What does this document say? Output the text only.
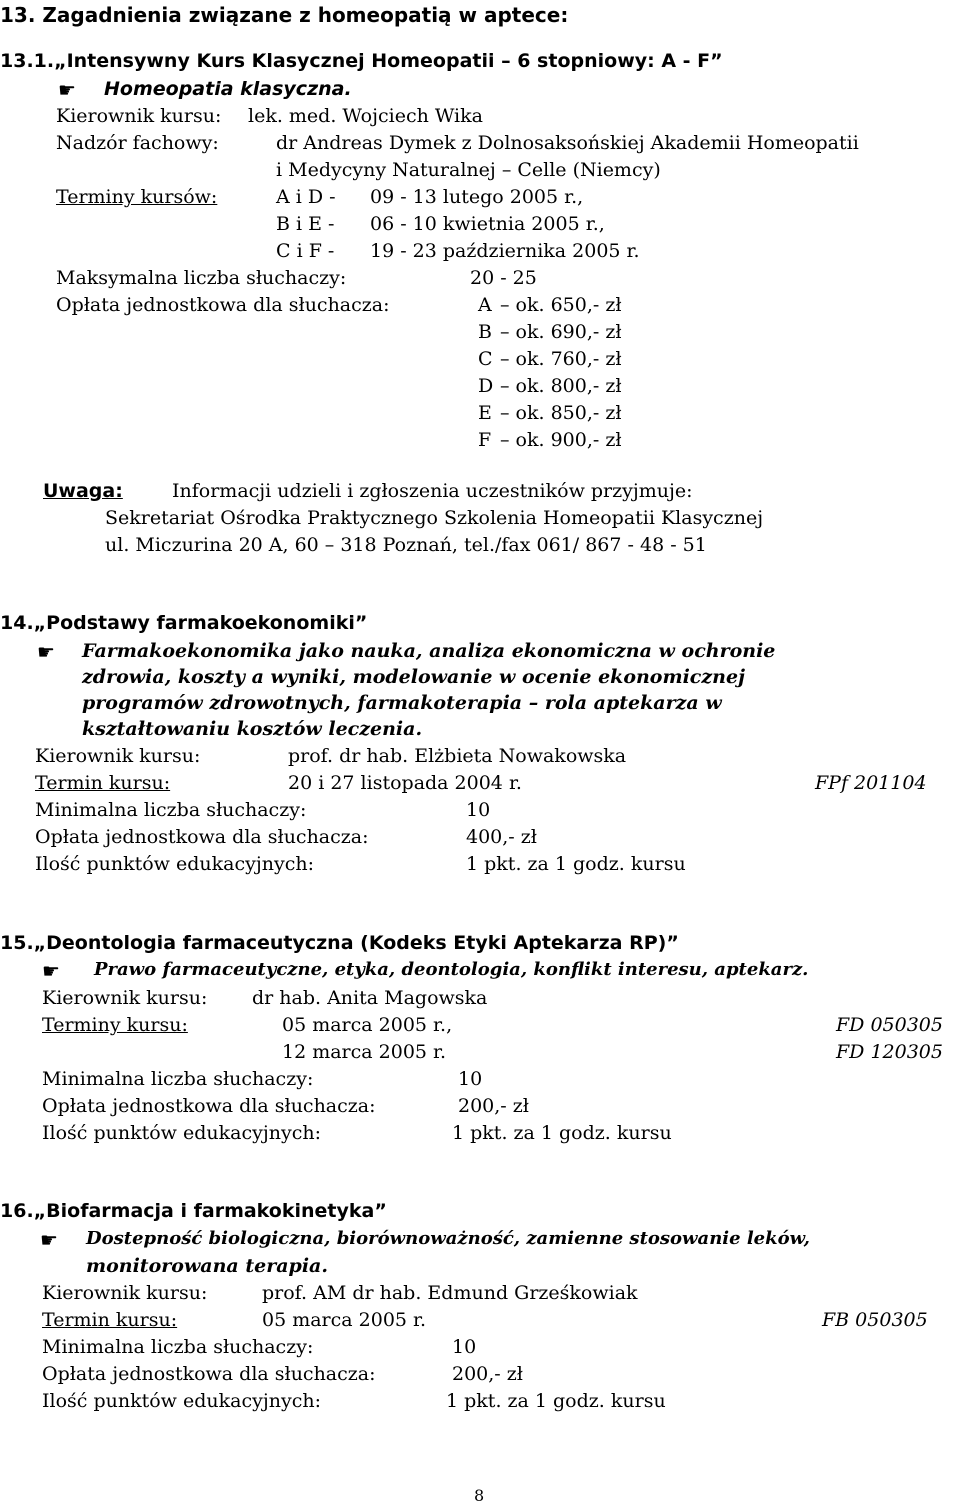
13. Zagadnienia związane z homeopatią w aptece:
13.1.„Intensywny Kurs Klasycznej Homeopatii – 6 stopniowy: A - F”
☛ Homeopatia klasyczna.
Kierownik kursu: lek. med. Wojciech Wika
Nadzór fachowy:	dr Andreas Dymek z Dolnosaksońskiej Akademii Homeopatii
i Medycyny Naturalnej – Celle (Niemcy)
Terminy kursów:	A i D - 09 - 13 lutego 2005 r.,
B i E - 06 - 10 kwietnia 2005 r.,
C i F - 19 - 23 października 2005 r.
Maksymalna liczba słuchaczy:	20 - 25
Opłata jednostkowa dla słuchacza:	A – ok. 650,- zł
B – ok. 690,- zł
C – ok. 760,- zł
D – ok. 800,- zł
E – ok. 850,- zł
F – ok. 900,- zł
Uwaga:	Informacji udzieli i zgłoszenia uczestników przyjmuje:
Sekretariat Ośrodka Praktycznego Szkolenia Homeopatii Klasycznej
ul. Miczurina 20 A, 60 – 318 Poznań, tel./fax 061/ 867 - 48 - 51
14.„Podstawy farmakoekonomiki”
☛ Farmakoekonomika jako nauka, analiza ekonomiczna w ochronie
zdrowia, koszty a wyniki, modelowanie w ocenie ekonomicznej
programów zdrowotnych, farmakoterapia – rola aptekarza w
kształtowaniu kosztów leczenia.
Kierownik kursu:	prof. dr hab. Elżbieta Nowakowska
Termin kursu:	20 i 27 listopada 2004 r.	FPf 201104
Minimalna liczba słuchaczy:	10
Opłata jednostkowa dla słuchacza:	400,- zł
Ilość punktów edukacyjnych:	1 pkt. za 1 godz. kursu
15.„Deontologia farmaceutyczna (Kodeks Etyki Aptekarza RP)”
☛ Prawo farmaceutyczne, etyka, deontologia, konflikt interesu, aptekarz.
Kierownik kursu: dr hab. Anita Magowska
Terminy kursu:	05 marca 2005 r.,	FD 050305
12 marca 2005 r.	FD 120305
Minimalna liczba słuchaczy:	10
Opłata jednostkowa dla słuchacza:	200,- zł
Ilość punktów edukacyjnych:	1 pkt. za 1 godz. kursu
16.„Biofarmacja i farmakokinetyka”
☛ Dostepność biologiczna, biorównoważność, zamienne stosowanie leków,
monitorowana terapia.
Kierownik kursu:	prof. AM dr hab. Edmund Grześkowiak
Termin kursu:	05 marca 2005 r.	FB 050305
Minimalna liczba słuchaczy:	10
Opłata jednostkowa dla słuchacza:	200,- zł
Ilość punktów edukacyjnych:	1 pkt. za 1 godz. kursu
8
